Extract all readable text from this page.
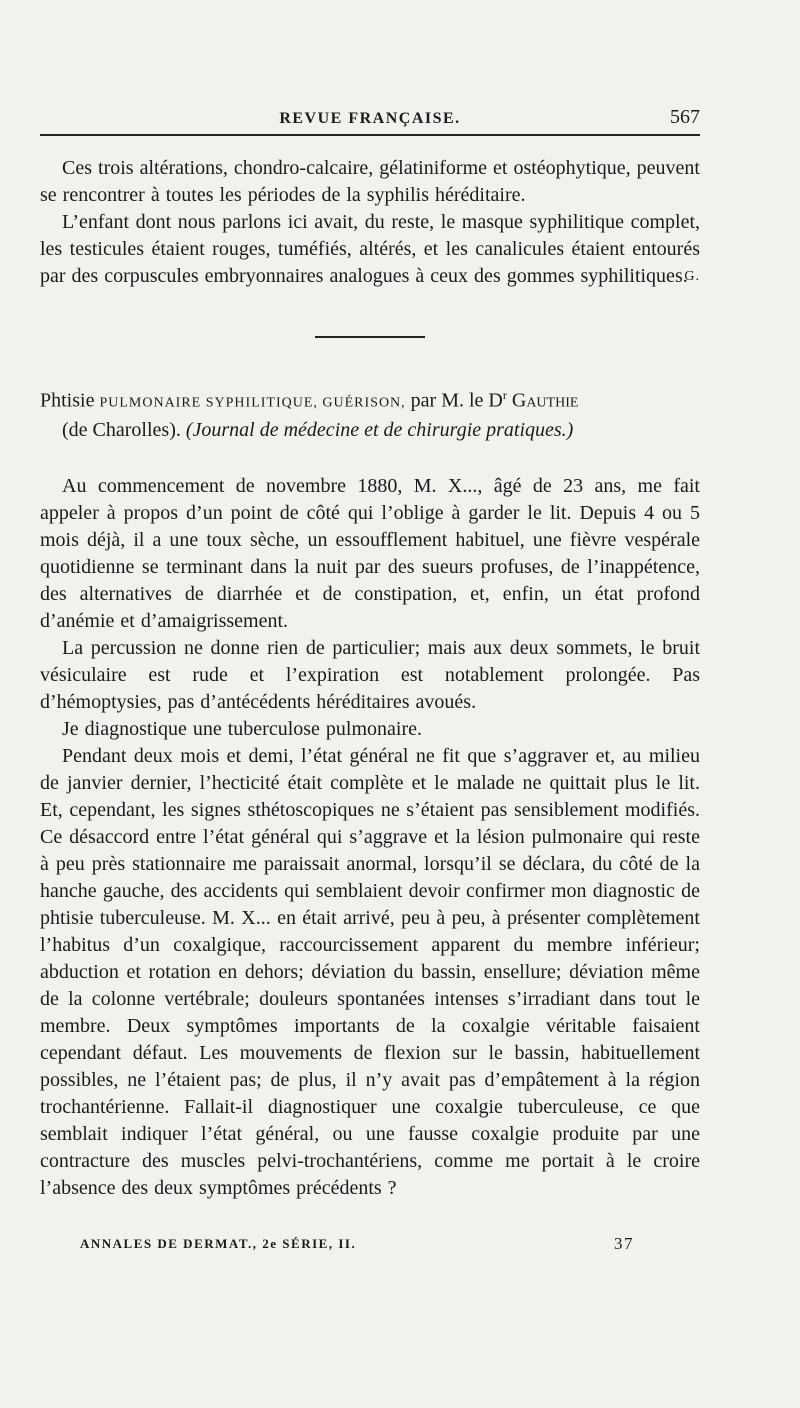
REVUE FRANÇAISE.	567

Ces trois altérations, chondro-calcaire, gélatiniforme et ostéophytique, peuvent se rencontrer à toutes les périodes de la syphilis héréditaire.

L’enfant dont nous parlons ici avait, du reste, le masque syphilitique complet, les testicules étaient rouges, tuméfiés, altérés, et les canalicules étaient entourés par des corpuscules embryonnaires analogues à ceux des gommes syphilitiques.
G.

Phtisie PULMONAIRE SYPHILITIQUE, GUÉRISON, par M. le $D^r$ Gauthie
(de Charolles). (Journal de médecine et de chirurgie pratiques.)

Au commencement de novembre 1880, M. X..., âgé de 23 ans, me fait appeler à propos d’un point de côté qui l’oblige à garder le lit. Depuis 4 ou 5 mois déjà, il a une toux sèche, un essoufflement habituel, une fièvre vespérale quotidienne se terminant dans la nuit par des sueurs profuses, de l’inappétence, des alternatives de diarrhée et de constipation, et, enfin, un état profond d’anémie et d’amaigrissement.

La percussion ne donne rien de particulier; mais aux deux sommets, le bruit vésiculaire est rude et l’expiration est notablement prolongée. Pas d’hémoptysies, pas d’antécédents héréditaires avoués.

Je diagnostique une tuberculose pulmonaire.

Pendant deux mois et demi, l’état général ne fit que s’aggraver et, au milieu de janvier dernier, l’hecticité était complète et le malade ne quittait plus le lit. Et, cependant, les signes sthétoscopiques ne s’étaient pas sensiblement modifiés. Ce désaccord entre l’état général qui s’aggrave et la lésion pulmonaire qui reste à peu près stationnaire me paraissait anormal, lorsqu’il se déclara, du côté de la hanche gauche, des accidents qui semblaient devoir confirmer mon diagnostic de phtisie tuberculeuse. M. X... en était arrivé, peu à peu, à présenter complètement l’habitus d’un coxalgique, raccourcissement apparent du membre inférieur; abduction et rotation en dehors; déviation du bassin, ensellure; déviation même de la colonne vertébrale; douleurs spontanées intenses s’irradiant dans tout le membre. Deux symptômes importants de la coxalgie véritable faisaient cependant défaut. Les mouvements de flexion sur le bassin, habituellement possibles, ne l’étaient pas; de plus, il n’y avait pas d’empâtement à la région trochantérienne. Fallait-il diagnostiquer une coxalgie tuberculeuse, ce que semblait indiquer l’état général, ou une fausse coxalgie produite par une contracture des muscles pelvi-trochantériens, comme me portait à le croire l’absence des deux symptômes précédents ?

ANNALES DE DERMAT., 2e SÉRIE, II.	37
